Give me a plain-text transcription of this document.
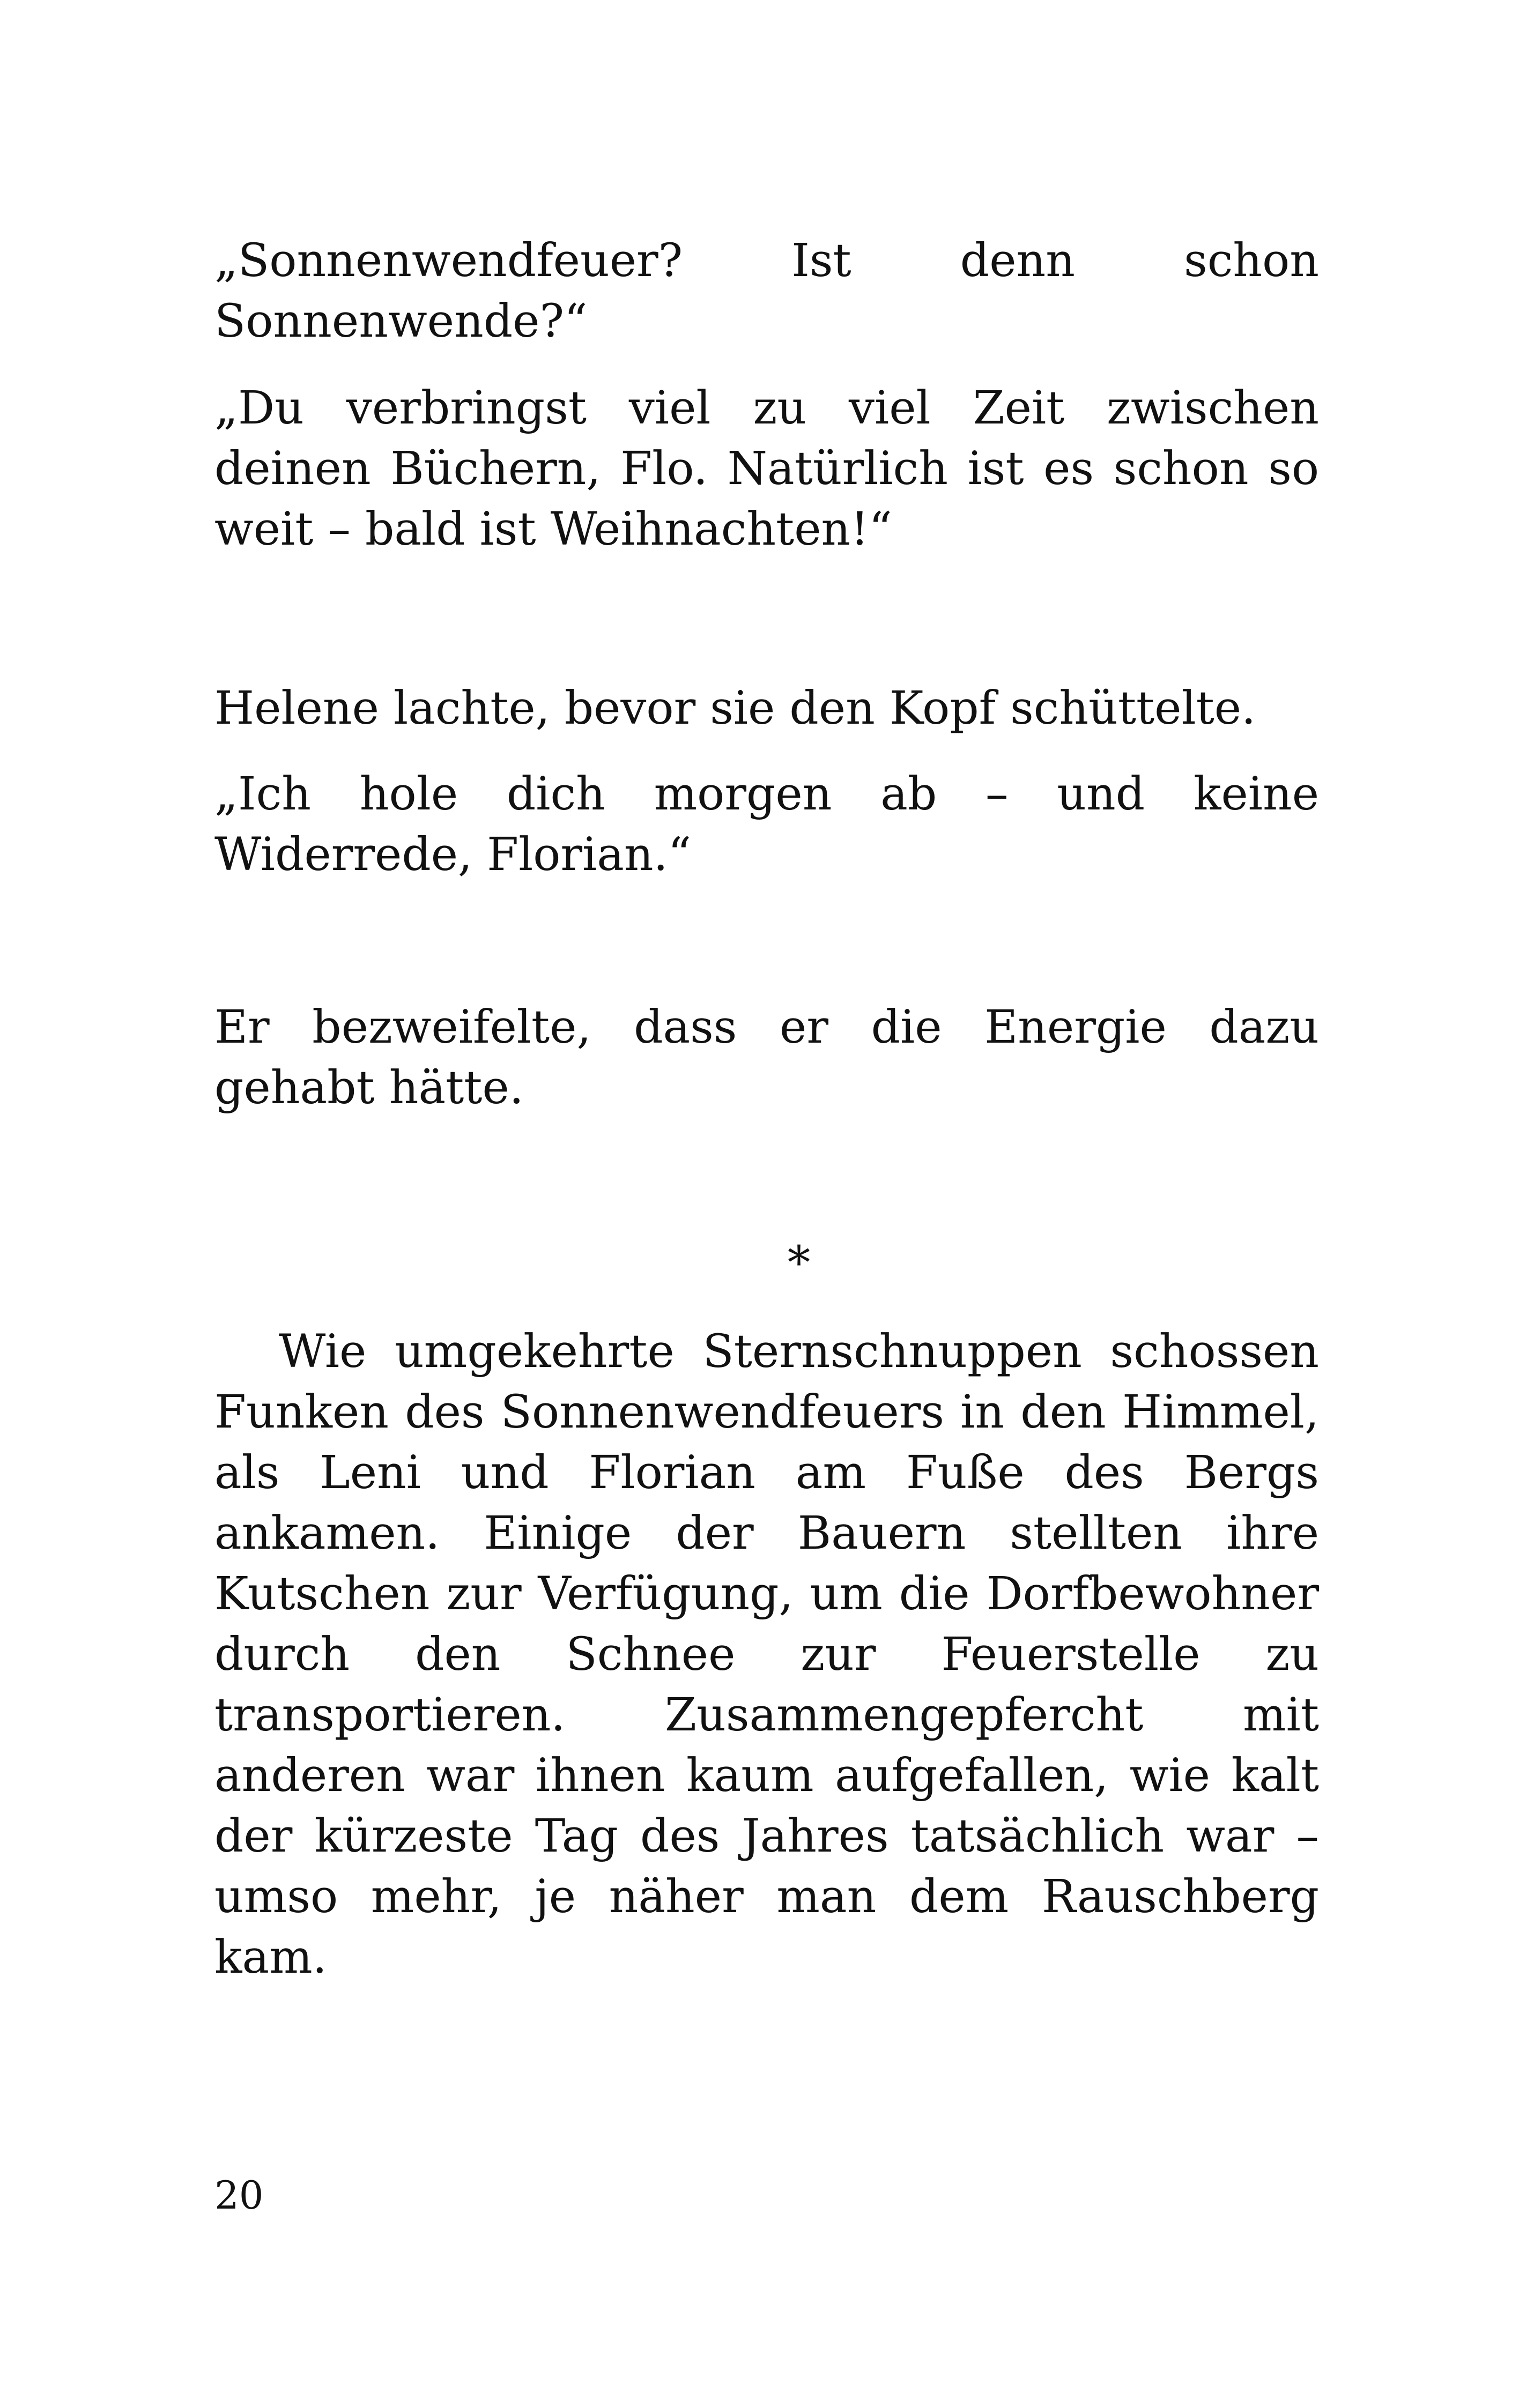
„Sonnenwendfeuer? Ist denn schon Sonnenwende?“

„Du verbringst viel zu viel Zeit zwischen deinen Büchern, Flo. Natürlich ist es schon so weit – bald ist Weihnachten!“

Helene lachte, bevor sie den Kopf schüttelte.

„Ich hole dich morgen ab – und keine Widerrede, Florian.“

Er bezweifelte, dass er die Energie dazu gehabt hätte.

*

Wie umgekehrte Sternschnuppen schossen Funken des Sonnenwendfeuers in den Himmel, als Leni und Florian am Fuße des Bergs ankamen. Einige der Bauern stellten ihre Kutschen zur Verfügung, um die Dorfbewohner durch den Schnee zur Feuerstelle zu transportieren. Zusammengepfercht mit anderen war ihnen kaum aufgefallen, wie kalt der kürzeste Tag des Jahres tatsächlich war – umso mehr, je näher man dem Rauschberg kam.

20
